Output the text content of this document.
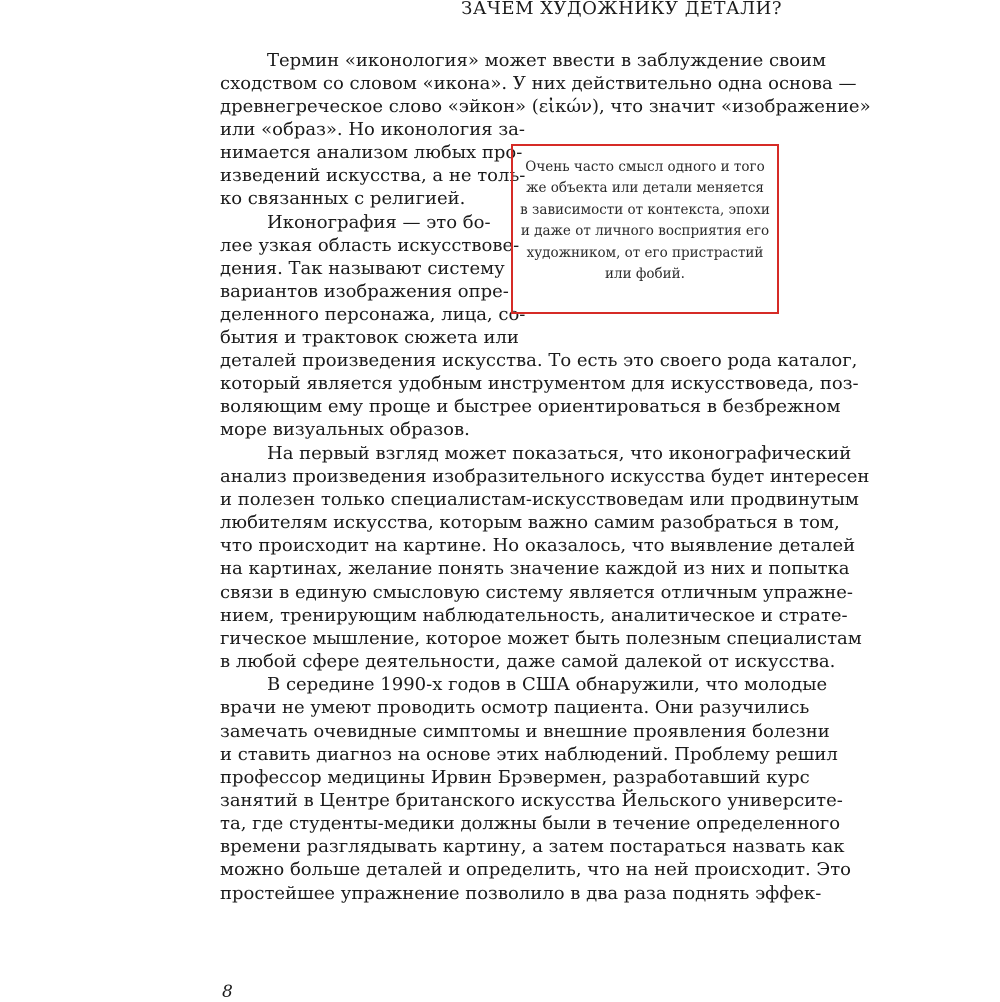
ЗАЧЕМ ХУДОЖНИКУ ДЕТАЛИ?
Термин «иконология» может ввести в заблуждение своим
сходством со словом «икона». У них действительно одна основа —
древнегреческое слово «эйкон» (εἰκών), что значит «изображение»
или «образ». Но иконология за-
нимается анализом любых про-
изведений искусства, а не толь-
ко связанных с религией.
Иконография — это бо-
лее узкая область искусствове-
дения. Так называют систему
вариантов изображения опре-
деленного персонажа, лица, со-
бытия и трактовок сюжета или
Очень часто смысл одного и того
же объекта или детали меняется
в зависимости от контекста, эпохи
и даже от личного восприятия его
художником, от его пристрастий
или фобий.
деталей произведения искусства. То есть это своего рода каталог,
который является удобным инструментом для искусствоведа, поз-
воляющим ему проще и быстрее ориентироваться в безбрежном
море визуальных образов.
На первый взгляд может показаться, что иконографический
анализ произведения изобразительного искусства будет интересен
и полезен только специалистам-искусствоведам или продвинутым
любителям искусства, которым важно самим разобраться в том,
что происходит на картине. Но оказалось, что выявление деталей
на картинах, желание понять значение каждой из них и попытка
связи в единую смысловую систему является отличным упражне-
нием, тренирующим наблюдательность, аналитическое и страте-
гическое мышление, которое может быть полезным специалистам
в любой сфере деятельности, даже самой далекой от искусства.
В середине 1990-х годов в США обнаружили, что молодые
врачи не умеют проводить осмотр пациента. Они разучились
замечать очевидные симптомы и внешние проявления болезни
и ставить диагноз на основе этих наблюдений. Проблему решил
профессор медицины Ирвин Брэвермен, разработавший курс
занятий в Центре британского искусства Йельского университе-
та, где студенты-медики должны были в течение определенного
времени разглядывать картину, а затем постараться назвать как
можно больше деталей и определить, что на ней происходит. Это
простейшее упражнение позволило в два раза поднять эффек-
8
